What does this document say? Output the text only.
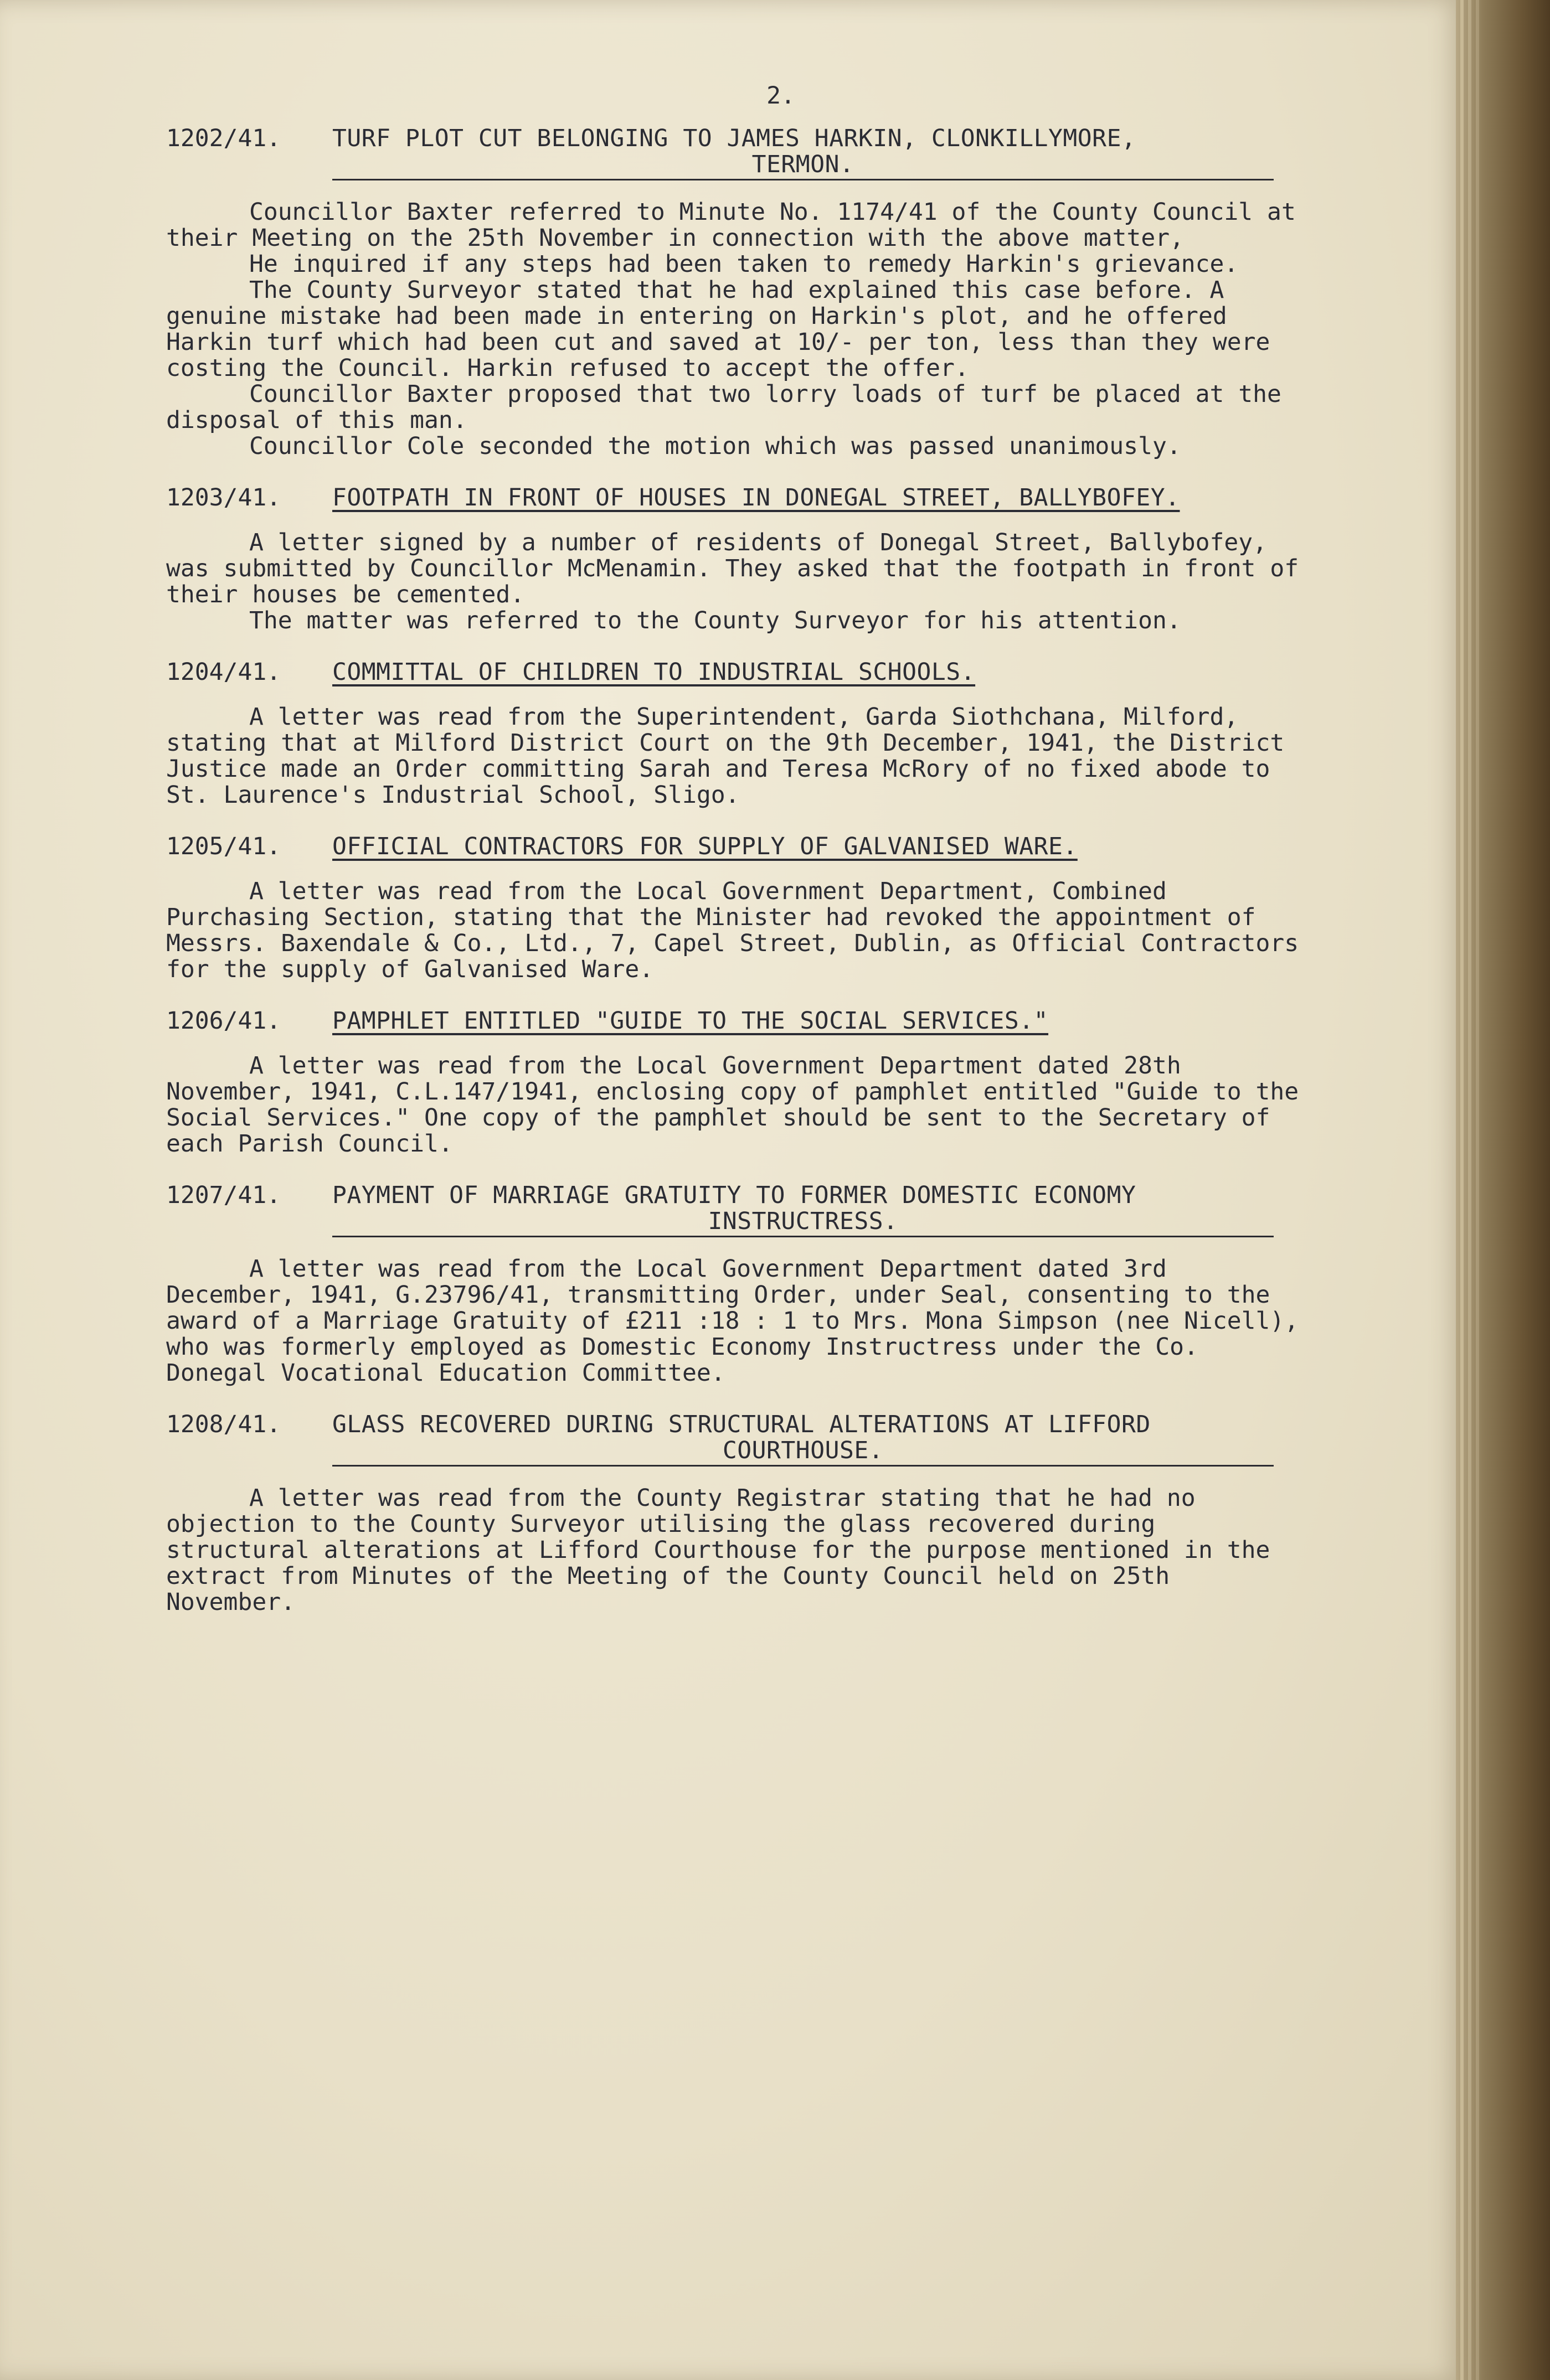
2.
1202/41.	TURF PLOT CUT BELONGING TO JAMES HARKIN, CLONKILLYMORE,
TERMON.

Councillor Baxter referred to Minute No. 1174/41 of the County Council at their Meeting on the 25th November in connection with the above matter,

He inquired if any steps had been taken to remedy Harkin's grievance.

The County Surveyor stated that he had explained this case before. A genuine mistake had been made in entering on Harkin's plot, and he offered Harkin turf which had been cut and saved at 10/- per ton, less than they were costing the Council. Harkin refused to accept the offer.

Councillor Baxter proposed that two lorry loads of turf be placed at the disposal of this man.

Councillor Cole seconded the motion which was passed unanimously.

1203/41.	FOOTPATH IN FRONT OF HOUSES IN DONEGAL STREET, BALLYBOFEY.

A letter signed by a number of residents of Donegal Street, Ballybofey, was submitted by Councillor McMenamin. They asked that the footpath in front of their houses be cemented.

The matter was referred to the County Surveyor for his attention.

1204/41.	COMMITTAL OF CHILDREN TO INDUSTRIAL SCHOOLS.

A letter was read from the Superintendent, Garda Siothchana, Milford, stating that at Milford District Court on the 9th December, 1941, the District Justice made an Order committing Sarah and Teresa McRory of no fixed abode to St. Laurence's Industrial School, Sligo.

1205/41.	OFFICIAL CONTRACTORS FOR SUPPLY OF GALVANISED WARE.

A letter was read from the Local Government Department, Combined Purchasing Section, stating that the Minister had revoked the appointment of Messrs. Baxendale & Co., Ltd., 7, Capel Street, Dublin, as Official Contractors for the supply of Galvanised Ware.

1206/41.	PAMPHLET ENTITLED "GUIDE TO THE SOCIAL SERVICES."

A letter was read from the Local Government Department dated 28th November, 1941, C.L.147/1941, enclosing copy of pamphlet entitled "Guide to the Social Services." One copy of the pamphlet should be sent to the Secretary of each Parish Council.

1207/41.	PAYMENT OF MARRIAGE GRATUITY TO FORMER DOMESTIC ECONOMY
INSTRUCTRESS.

A letter was read from the Local Government Department dated 3rd December, 1941, G.23796/41, transmitting Order, under Seal, consenting to the award of a Marriage Gratuity of £211 :18 : 1 to Mrs. Mona Simpson (nee Nicell), who was formerly employed as Domestic Economy Instructress under the Co. Donegal Vocational Education Committee.

1208/41.	GLASS RECOVERED DURING STRUCTURAL ALTERATIONS AT LIFFORD
COURTHOUSE.

A letter was read from the County Registrar stating that he had no objection to the County Surveyor utilising the glass recovered during structural alterations at Lifford Courthouse for the purpose mentioned in the extract from Minutes of the Meeting of the County Council held on 25th November.
